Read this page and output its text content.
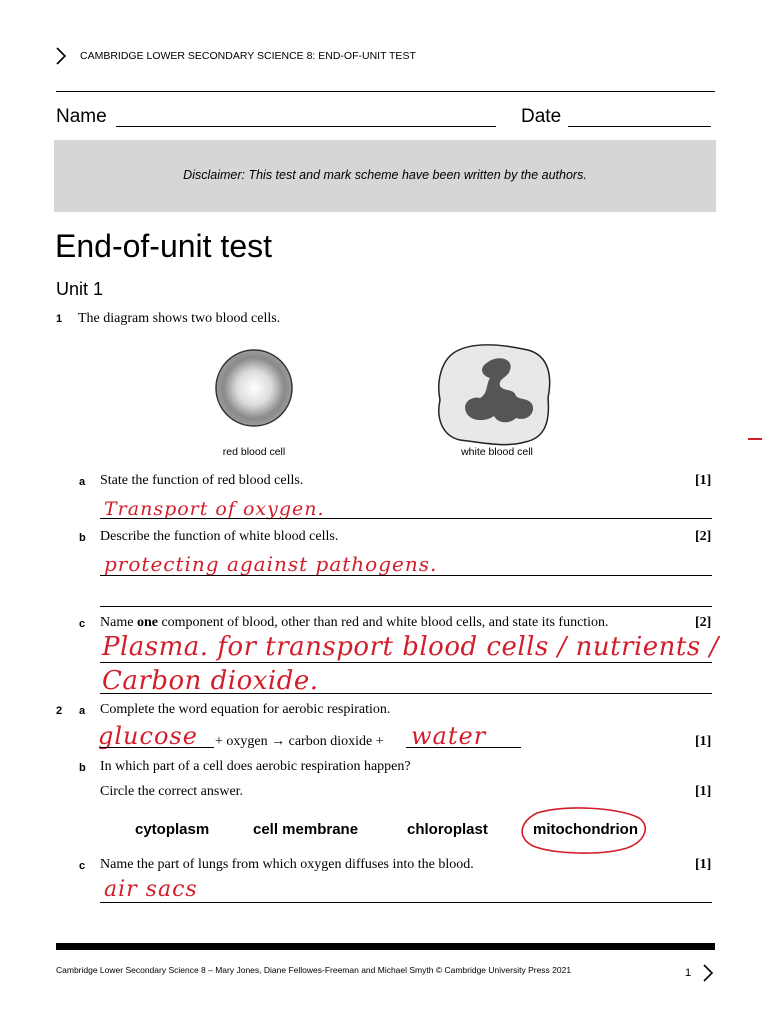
CAMBRIDGE LOWER SECONDARY SCIENCE 8: END-OF-UNIT TEST
Name	Date
Disclaimer: This test and mark scheme have been written by the authors.
End-of-unit test
Unit 1
1 The diagram shows two blood cells.
red blood cell	white blood cell
a State the function of red blood cells.	[1]
Transport of oxygen.
b Describe the function of white blood cells.	[2]
protecting against pathogens.
c Name one component of blood, other than red and white blood cells, and state its function.	[2]
Plasma. for transport blood cells / nutrients /
Carbon dioxide.
2 a Complete the word equation for aerobic respiration.
glucose + oxygen → carbon dioxide + water	[1]
b In which part of a cell does aerobic respiration happen?
Circle the correct answer.	[1]
cytoplasm	cell membrane	chloroplast	mitochondrion
c Name the part of lungs from which oxygen diffuses into the blood.	[1]
air sacs
Cambridge Lower Secondary Science 8 – Mary Jones, Diane Fellowes-Freeman and Michael Smyth © Cambridge University Press 2021	1
